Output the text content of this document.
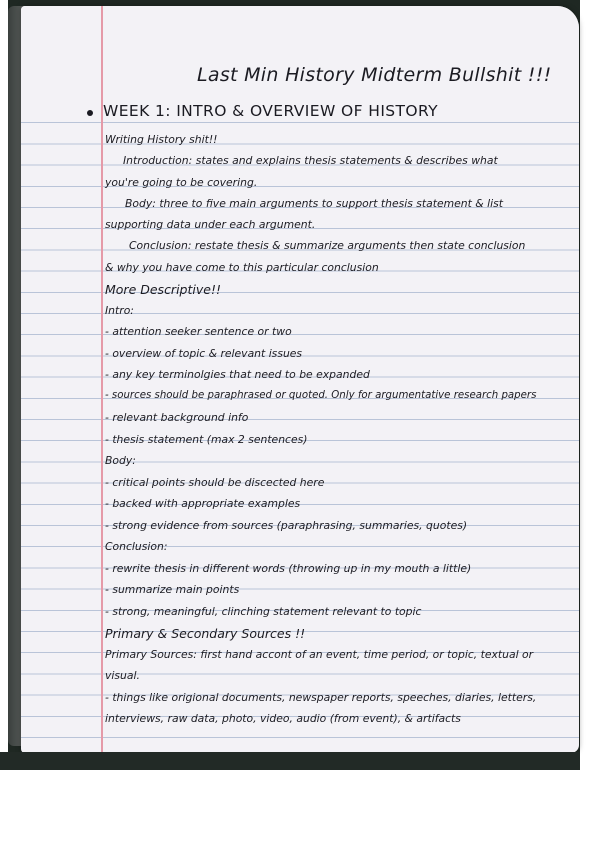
Last Min History Midterm Bullshit !!!
WEEK 1: INTRO & OVERVIEW OF HISTORY
Writing History shit!!
Introduction: states and explains thesis statements & describes what
you're going to be covering.
Body: three to five main arguments to support thesis statement & list
supporting data under each argument.
Conclusion: restate thesis & summarize arguments then state conclusion
& why you have come to this particular conclusion
More Descriptive!!
Intro:
- attention seeker sentence or two
- overview of topic & relevant issues
- any key terminolgies that need to be expanded
- sources should be paraphrased or quoted. Only for argumentative research papers
- relevant background info
- thesis statement (max 2 sentences)
Body:
- critical points should be discected here
- backed with appropriate examples
- strong evidence from sources (paraphrasing, summaries, quotes)
Conclusion:
- rewrite thesis in different words (throwing up in my mouth a little)
- summarize main points
- strong, meaningful, clinching statement relevant to topic
Primary & Secondary Sources !!
Primary Sources: first hand accont of an event, time period, or topic, textual or
visual.
- things like origional documents, newspaper reports, speeches, diaries, letters,
interviews, raw data, photo, video, audio (from event), & artifacts
